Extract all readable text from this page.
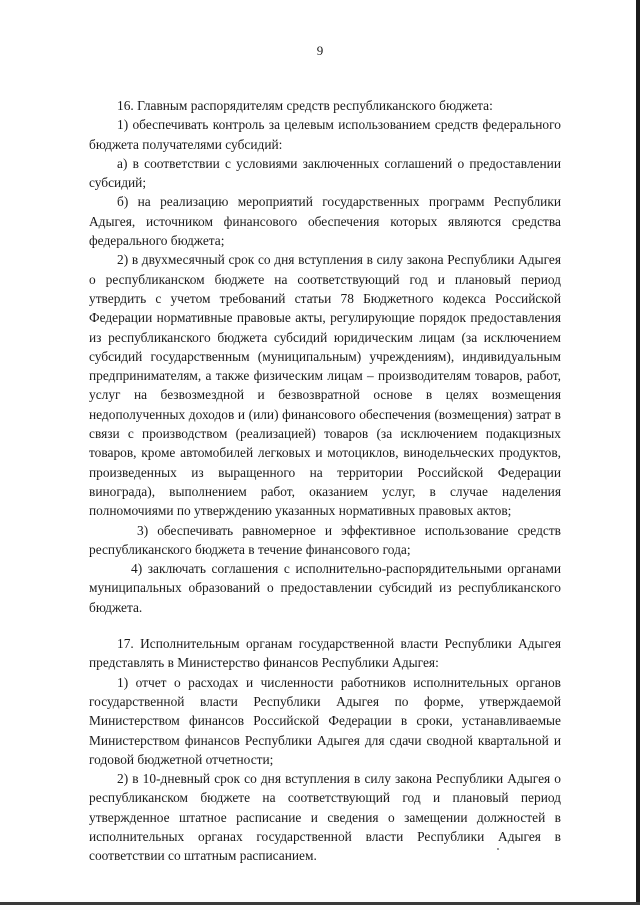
9

16. Главным распорядителям средств республиканского бюджета:

1) обеспечивать контроль за целевым использованием средств федерального бюджета получателями субсидий:

а) в соответствии с условиями заключенных соглашений о предоставлении субсидий;

б) на реализацию мероприятий государственных программ Республики Адыгея, источником финансового обеспечения которых являются средства федерального бюджета;

2) в двухмесячный срок со дня вступления в силу закона Республики Адыгея о республиканском бюджете на соответствующий год и плановый период утвердить с учетом требований статьи 78 Бюджетного кодекса Российской Федерации нормативные правовые акты, регулирующие порядок предоставления из республиканского бюджета субсидий юридическим лицам (за исключением субсидий государственным (муниципальным) учреждениям), индивидуальным предпринимателям, а также физическим лицам – производителям товаров, работ, услуг на безвозмездной и безвозвратной основе в целях возмещения недополученных доходов и (или) финансового обеспечения (возмещения) затрат в связи с производством (реализацией) товаров (за исключением подакцизных товаров, кроме автомобилей легковых и мотоциклов, винодельческих продуктов, произведенных из выращенного на территории Российской Федерации винограда), выполнением работ, оказанием услуг, в случае наделения полномочиями по утверждению указанных нормативных правовых актов;

3) обеспечивать равномерное и эффективное использование средств республиканского бюджета в течение финансового года;

4) заключать соглашения с исполнительно-распорядительными органами муниципальных образований о предоставлении субсидий из республиканского бюджета.

17. Исполнительным органам государственной власти Республики Адыгея представлять в Министерство финансов Республики Адыгея:

1) отчет о расходах и численности работников исполнительных органов государственной власти Республики Адыгея по форме, утверждаемой Министерством финансов Российской Федерации в сроки, устанавливаемые Министерством финансов Республики Адыгея для сдачи сводной квартальной и годовой бюджетной отчетности;

2) в 10-дневный срок со дня вступления в силу закона Республики Адыгея о республиканском бюджете на соответствующий год и плановый период утвержденное штатное расписание и сведения о замещении должностей в исполнительных органах государственной власти Республики Адыгея в соответствии со штатным расписанием.
